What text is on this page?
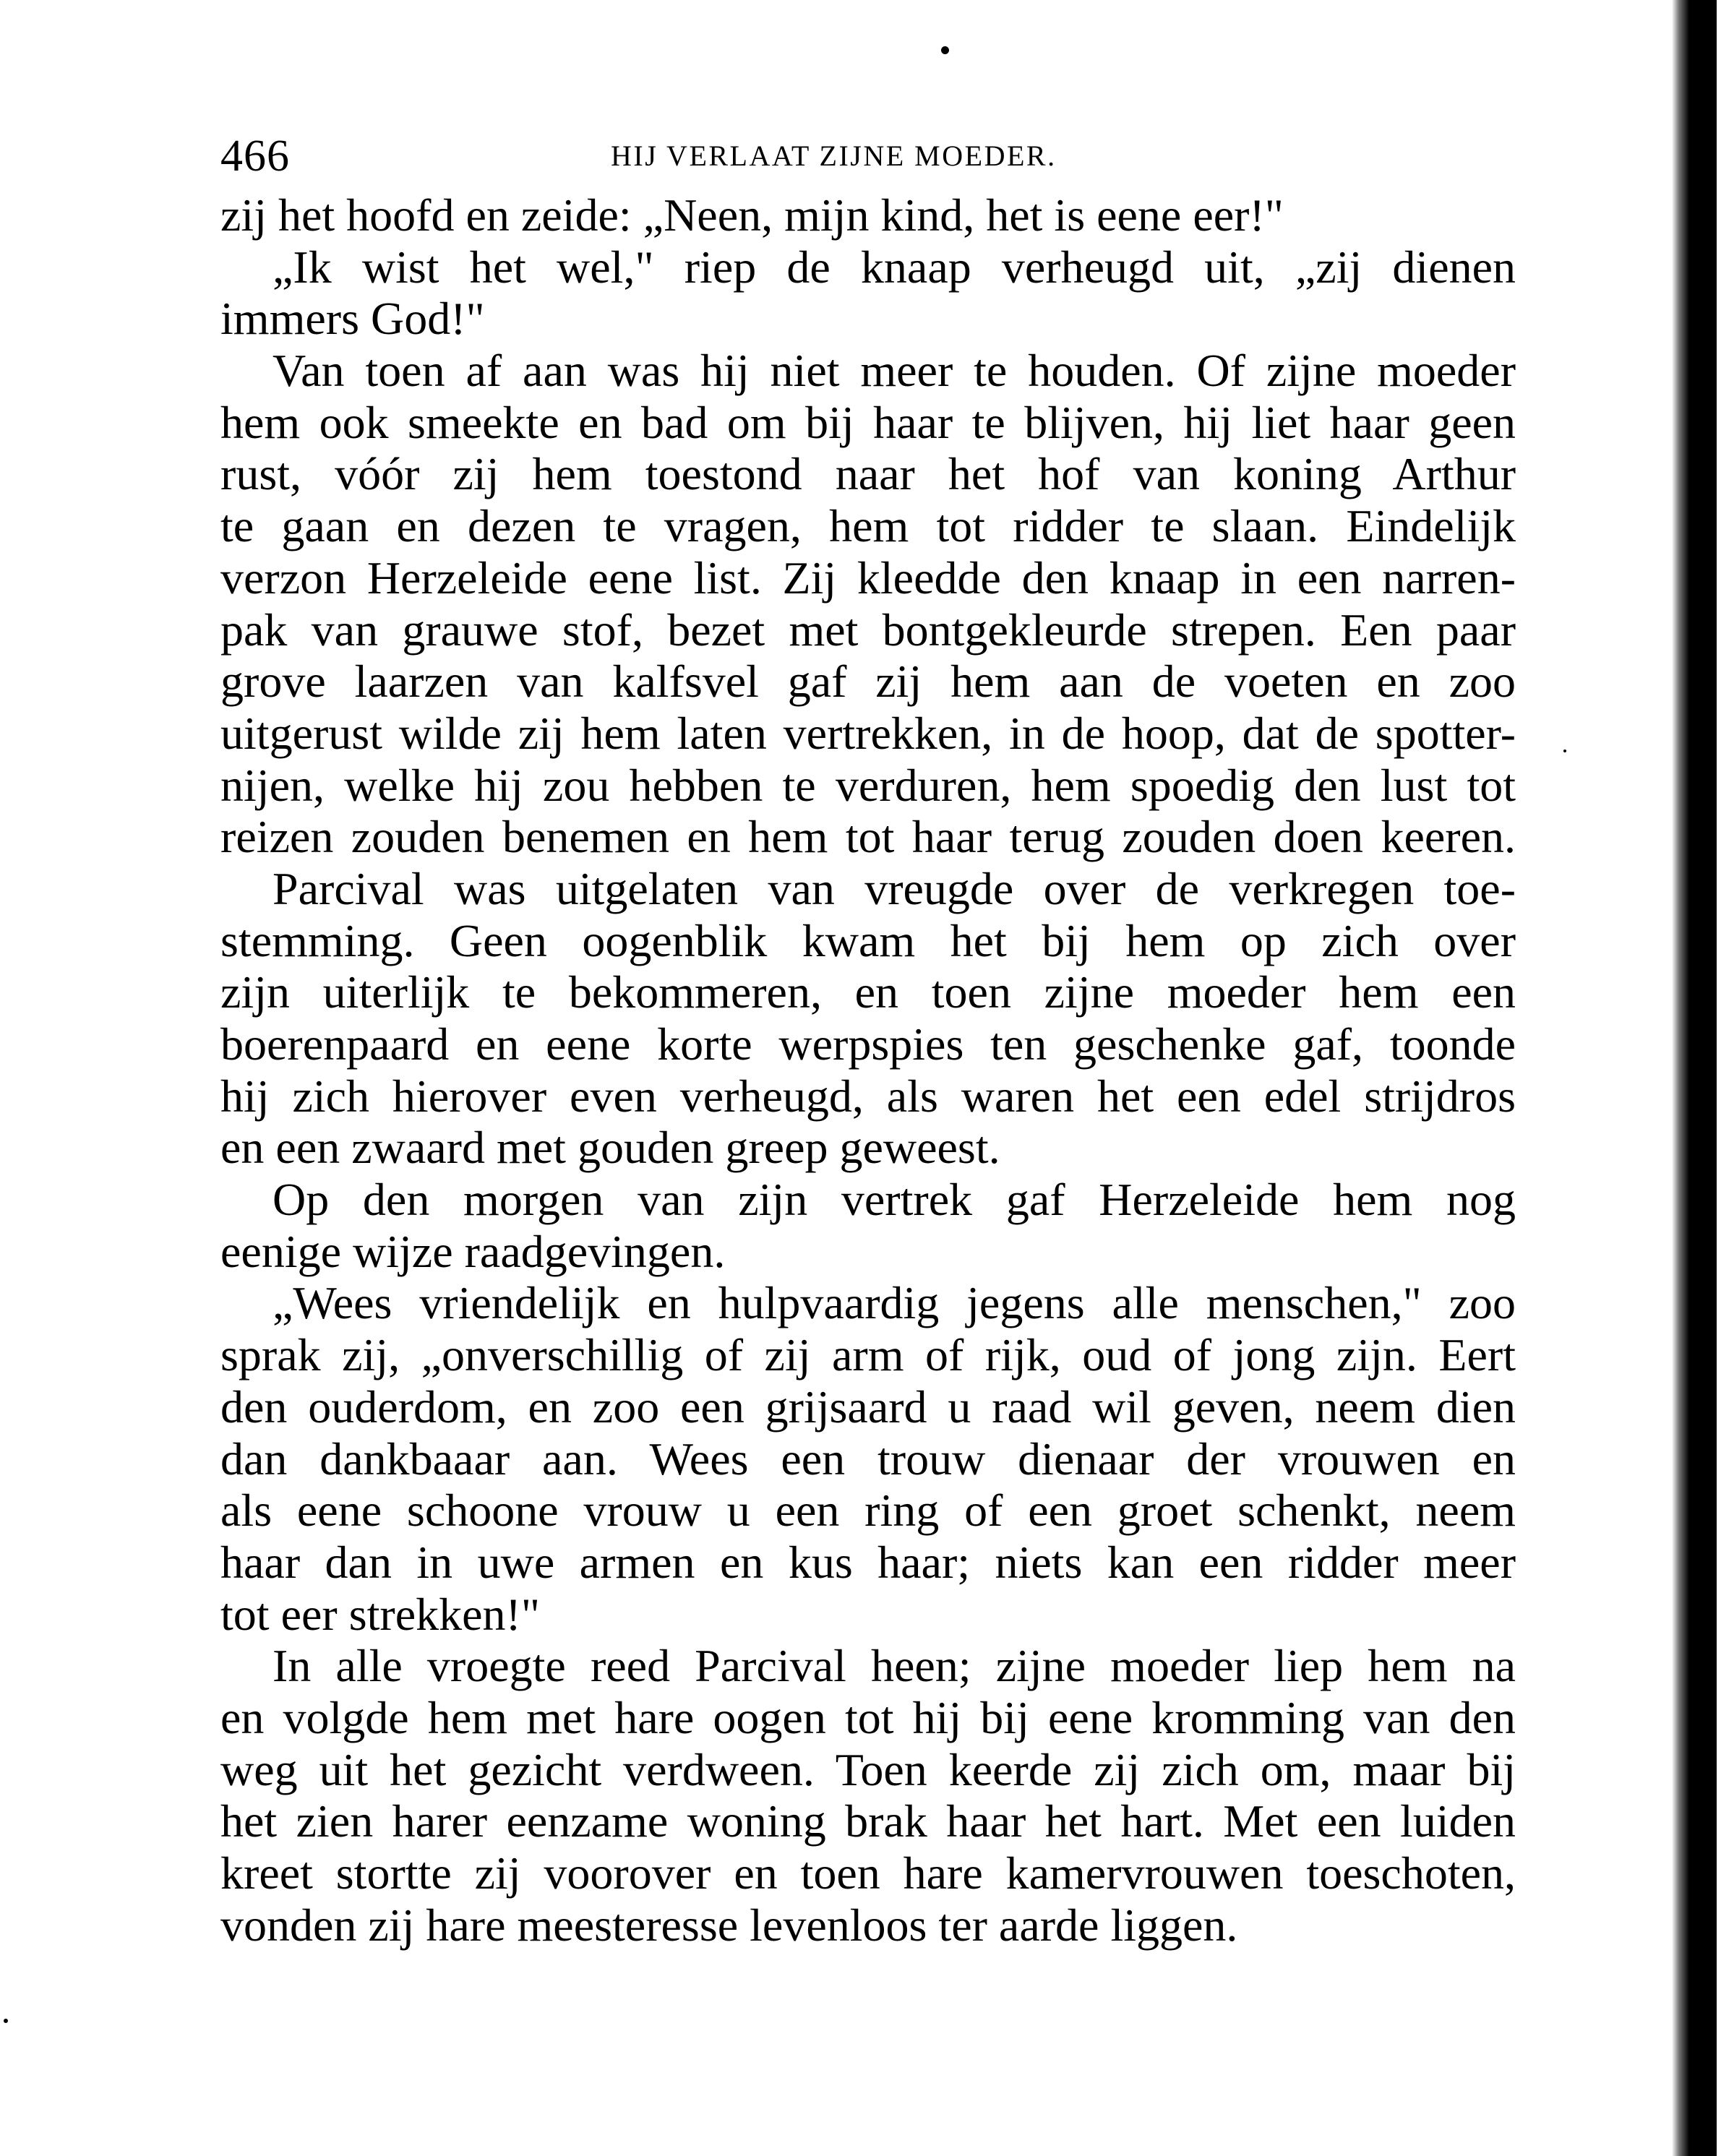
466	HIJ VERLAAT ZIJNE MOEDER.
zij het hoofd en zeide: „Neen, mijn kind, het is eene eer!"
„Ik wist het wel," riep de knaap verheugd uit, „zij dienen
immers God!"
Van toen af aan was hij niet meer te houden. Of zijne moeder
hem ook smeekte en bad om bij haar te blijven, hij liet haar geen
rust, vóór zij hem toestond naar het hof van koning Arthur
te gaan en dezen te vragen, hem tot ridder te slaan. Eindelijk
verzon Herzeleide eene list. Zij kleedde den knaap in een narren-
pak van grauwe stof, bezet met bontgekleurde strepen. Een paar
grove laarzen van kalfsvel gaf zij hem aan de voeten en zoo
uitgerust wilde zij hem laten vertrekken, in de hoop, dat de spotter-
nijen, welke hij zou hebben te verduren, hem spoedig den lust tot
reizen zouden benemen en hem tot haar terug zouden doen keeren.
Parcival was uitgelaten van vreugde over de verkregen toe-
stemming. Geen oogenblik kwam het bij hem op zich over
zijn uiterlijk te bekommeren, en toen zijne moeder hem een
boerenpaard en eene korte werpspies ten geschenke gaf, toonde
hij zich hierover even verheugd, als waren het een edel strijdros
en een zwaard met gouden greep geweest.
Op den morgen van zijn vertrek gaf Herzeleide hem nog
eenige wijze raadgevingen.
„Wees vriendelijk en hulpvaardig jegens alle menschen," zoo
sprak zij, „onverschillig of zij arm of rijk, oud of jong zijn. Eert
den ouderdom, en zoo een grijsaard u raad wil geven, neem dien
dan dankbaaar aan. Wees een trouw dienaar der vrouwen en
als eene schoone vrouw u een ring of een groet schenkt, neem
haar dan in uwe armen en kus haar; niets kan een ridder meer
tot eer strekken!"
In alle vroegte reed Parcival heen; zijne moeder liep hem na
en volgde hem met hare oogen tot hij bij eene kromming van den
weg uit het gezicht verdween. Toen keerde zij zich om, maar bij
het zien harer eenzame woning brak haar het hart. Met een luiden
kreet stortte zij voorover en toen hare kamervrouwen toeschoten,
vonden zij hare meesteresse levenloos ter aarde liggen.
